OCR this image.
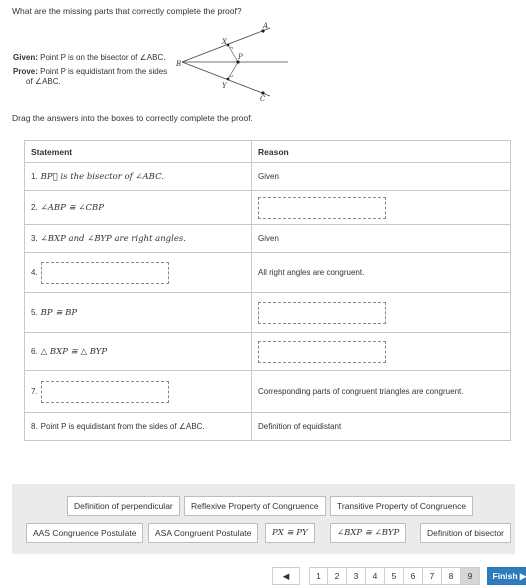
What are the missing parts that correctly complete the proof?
A
B
C
P
X
Y
Given: Point P is on the bisector of ∠ABC.
Prove: Point P is equidistant from the sides
of ∠ABC.
Drag the answers into the boxes to correctly complete the proof.
Statement	Reason
1. BP⃗ is the bisector of ∠ABC.	Given
2. ∠ABP ≅ ∠CBP
3. ∠BXP and ∠BYP are right angles.	Given
4.	All right angles are congruent.
5. BP ≅ BP
6. △ BXP ≅ △ BYP
7.	Corresponding parts of congruent triangles are congruent.
8. Point P is equidistant from the sides of ∠ABC.	Definition of equidistant
Definition of perpendicular	Reflexive Property of Congruence	Transitive Property of Congruence
AAS Congruence Postulate	ASA Congruent Postulate	PX ≅ PY	∠BXP ≅ ∠BYP	Definition of bisector
◀	1	2	3	4	5	6	7	8	9	Finish ▶
